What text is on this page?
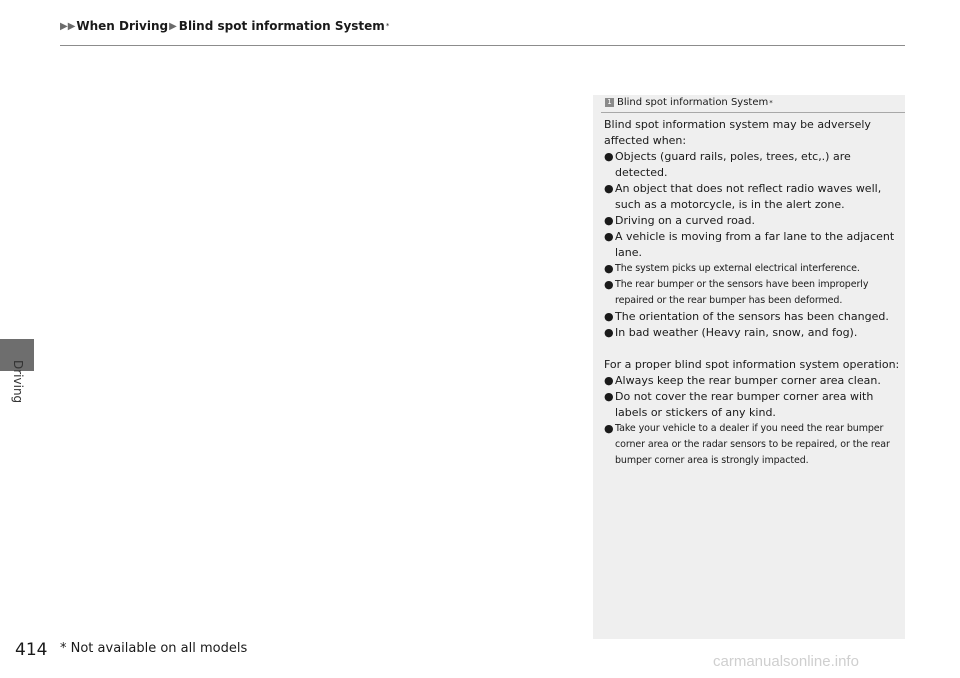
▶▶ When Driving ▶ Blind spot information System *
Driving
1 Blind spot information System *

Blind spot information system may be adversely affected when:

● Objects (guard rails, poles, trees, etc,.) are detected.
● An object that does not reflect radio waves well, such as a motorcycle, is in the alert zone.
● Driving on a curved road.
● A vehicle is moving from a far lane to the adjacent lane.
● The system picks up external electrical interference.
● The rear bumper or the sensors have been improperly repaired or the rear bumper has been deformed.
● The orientation of the sensors has been changed.
● In bad weather (Heavy rain, snow, and fog).

For a proper blind spot information system operation:

● Always keep the rear bumper corner area clean.
● Do not cover the rear bumper corner area with labels or stickers of any kind.
● Take your vehicle to a dealer if you need the rear bumper corner area or the radar sensors to be repaired, or the rear bumper corner area is strongly impacted.
414 * Not available on all models
carmanualsonline.info
